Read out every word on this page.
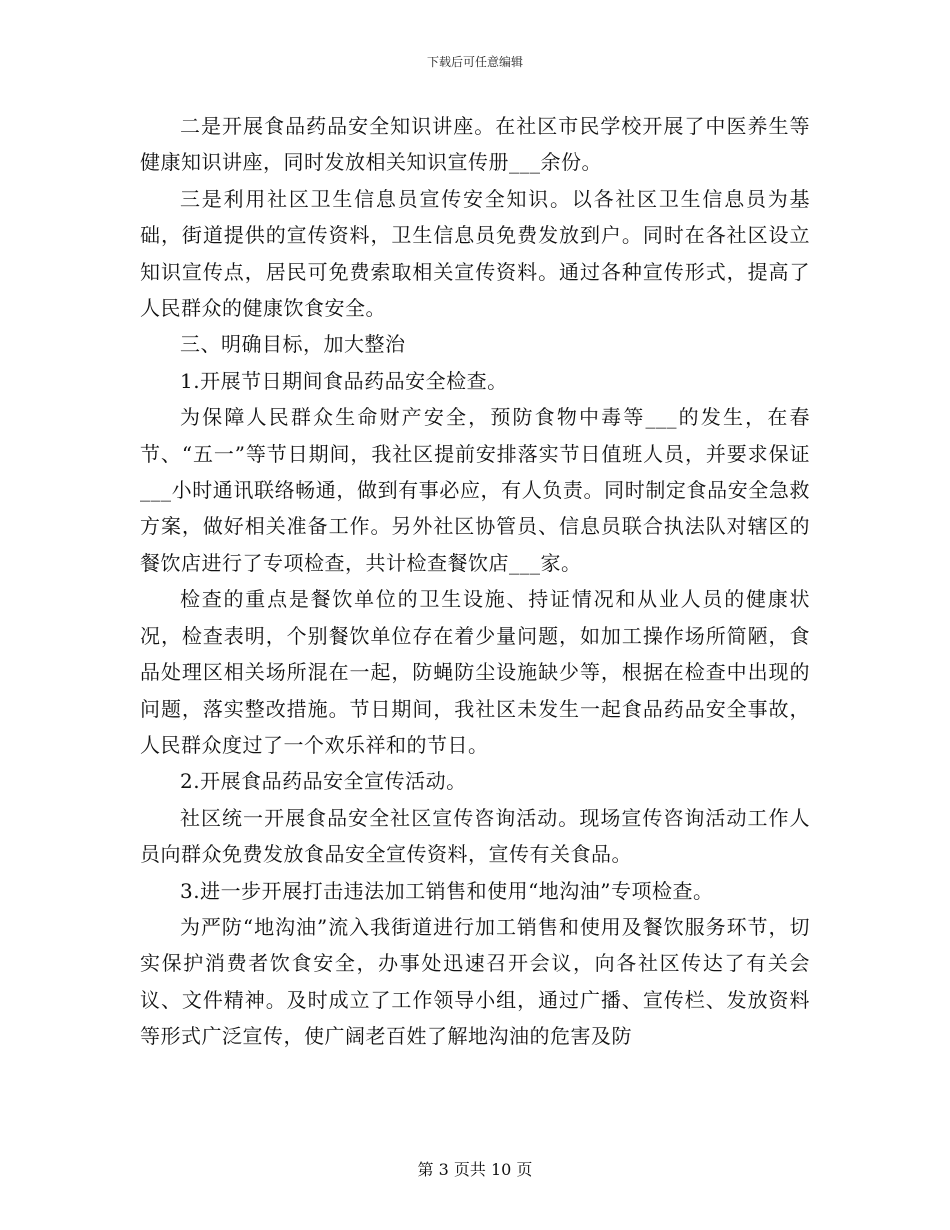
下载后可任意编辑

二是开展食品药品安全知识讲座。在社区市民学校开展了中医养生等健康知识讲座，同时发放相关知识宣传册___余份。

三是利用社区卫生信息员宣传安全知识。以各社区卫生信息员为基础，街道提供的宣传资料，卫生信息员免费发放到户。同时在各社区设立知识宣传点，居民可免费索取相关宣传资料。通过各种宣传形式，提高了人民群众的健康饮食安全。

三、明确目标，加大整治

1.开展节日期间食品药品安全检查。

为保障人民群众生命财产安全，预防食物中毒等___的发生，在春节、“五一”等节日期间，我社区提前安排落实节日值班人员，并要求保证___小时通讯联络畅通，做到有事必应，有人负责。同时制定食品安全急救方案，做好相关准备工作。另外社区协管员、信息员联合执法队对辖区的餐饮店进行了专项检查，共计检查餐饮店___家。

检查的重点是餐饮单位的卫生设施、持证情况和从业人员的健康状况，检查表明，个别餐饮单位存在着少量问题，如加工操作场所简陋，食品处理区相关场所混在一起，防蝇防尘设施缺少等，根据在检查中出现的问题，落实整改措施。节日期间，我社区未发生一起食品药品安全事故，人民群众度过了一个欢乐祥和的节日。

2.开展食品药品安全宣传活动。

社区统一开展食品安全社区宣传咨询活动。现场宣传咨询活动工作人员向群众免费发放食品安全宣传资料，宣传有关食品。

3.进一步开展打击违法加工销售和使用“地沟油”专项检查。

为严防“地沟油”流入我街道进行加工销售和使用及餐饮服务环节，切实保护消费者饮食安全，办事处迅速召开会议，向各社区传达了有关会议、文件精神。及时成立了工作领导小组，通过广播、宣传栏、发放资料等形式广泛宣传，使广阔老百姓了解地沟油的危害及防

第 3 页共 10 页
